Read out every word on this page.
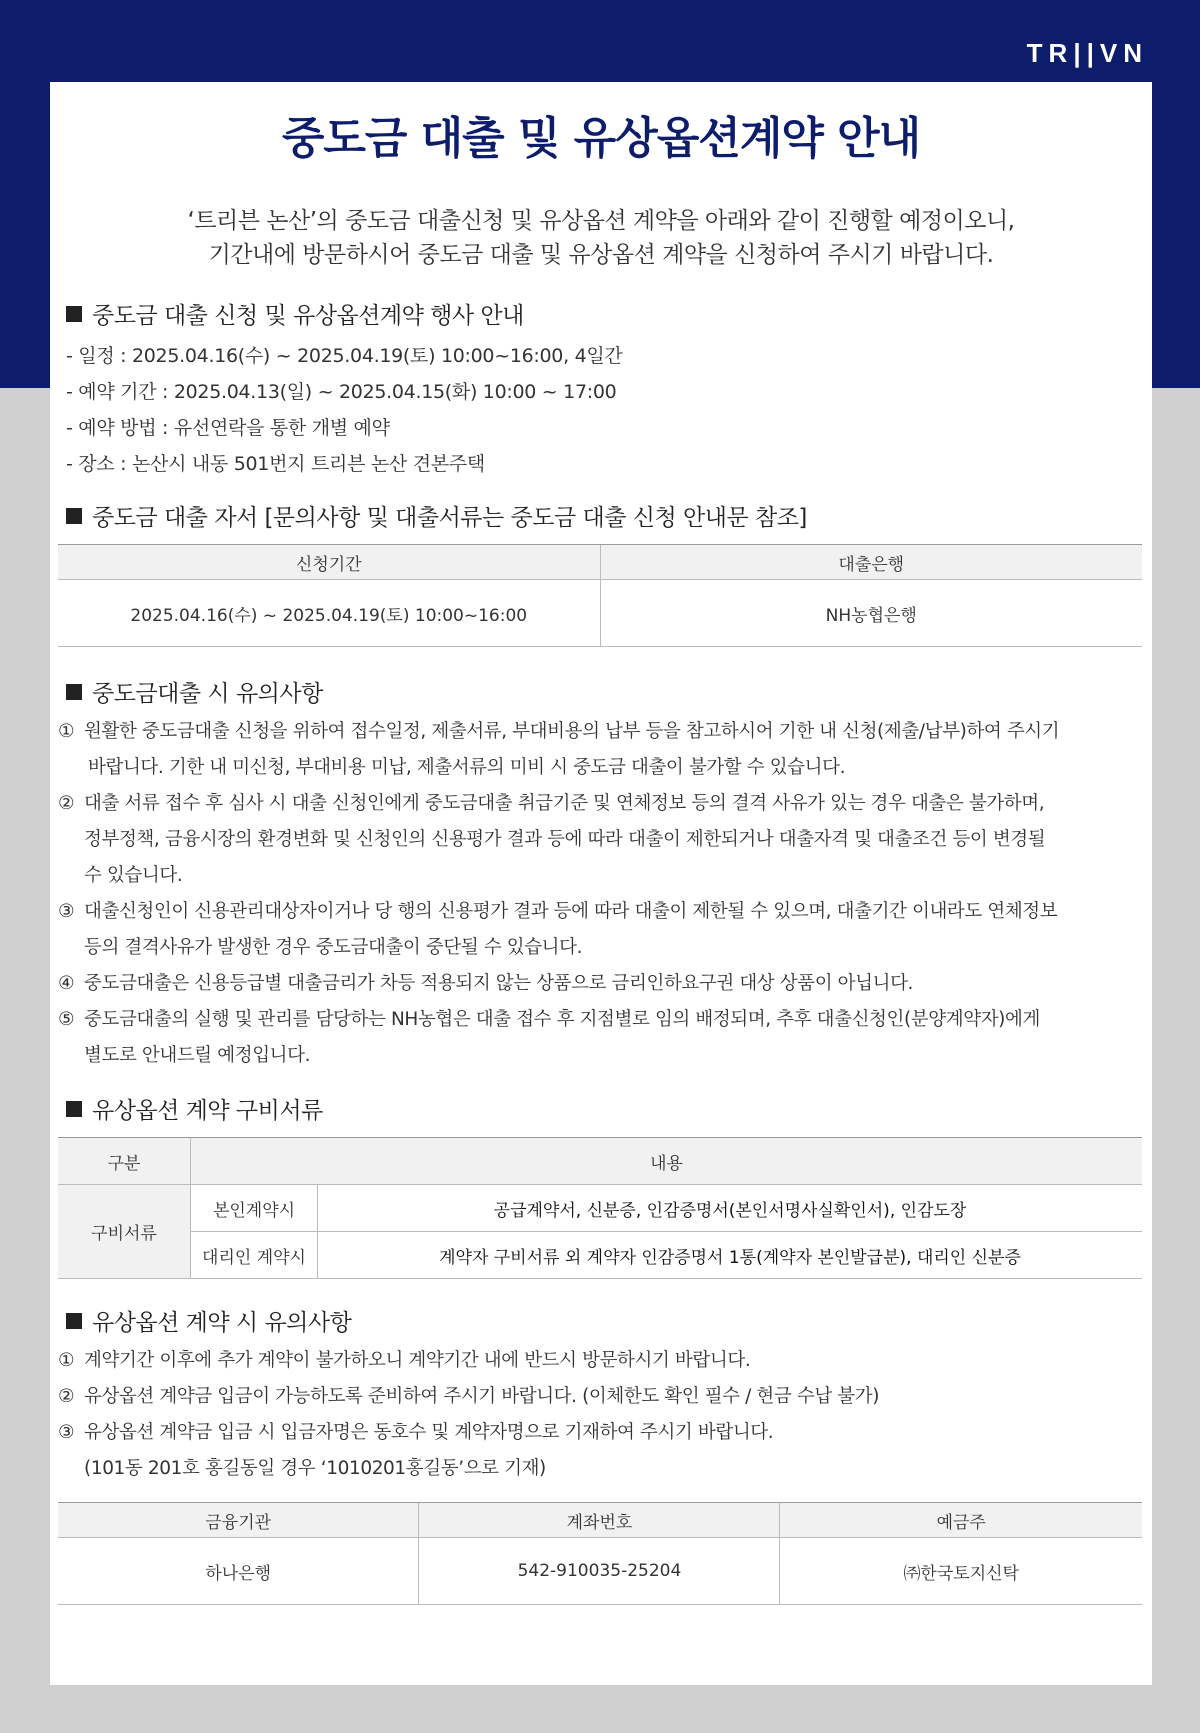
TR||VN
중도금 대출 및 유상옵션계약 안내
‘트리븐 논산’의 중도금 대출신청 및 유상옵션 계약을 아래와 같이 진행할 예정이오니,
기간내에 방문하시어 중도금 대출 및 유상옵션 계약을 신청하여 주시기 바랍니다.
중도금 대출 신청 및 유상옵션계약 행사 안내
- 일정 : 2025.04.16(수) ~ 2025.04.19(토) 10:00~16:00, 4일간
- 예약 기간 : 2025.04.13(일) ~ 2025.04.15(화) 10:00 ~ 17:00
- 예약 방법 : 유선연락을 통한 개별 예약
- 장소 : 논산시 내동 501번지 트리븐 논산 견본주택
중도금 대출 자서 [문의사항 및 대출서류는 중도금 대출 신청 안내문 참조]
신청기간	대출은행
2025.04.16(수) ~ 2025.04.19(토) 10:00~16:00	NH농협은행
중도금대출 시 유의사항
① 원활한 중도금대출 신청을 위하여 접수일정, 제출서류, 부대비용의 납부 등을 참고하시어 기한 내 신청(제출/납부)하여 주시기
바랍니다. 기한 내 미신청, 부대비용 미납, 제출서류의 미비 시 중도금 대출이 불가할 수 있습니다.
② 대출 서류 접수 후 심사 시 대출 신청인에게 중도금대출 취급기준 및 연체정보 등의 결격 사유가 있는 경우 대출은 불가하며,
정부정책, 금융시장의 환경변화 및 신청인의 신용평가 결과 등에 따라 대출이 제한되거나 대출자격 및 대출조건 등이 변경될
수 있습니다.
③ 대출신청인이 신용관리대상자이거나 당 행의 신용평가 결과 등에 따라 대출이 제한될 수 있으며, 대출기간 이내라도 연체정보
등의 결격사유가 발생한 경우 중도금대출이 중단될 수 있습니다.
④ 중도금대출은 신용등급별 대출금리가 차등 적용되지 않는 상품으로 금리인하요구권 대상 상품이 아닙니다.
⑤ 중도금대출의 실행 및 관리를 담당하는 NH농협은 대출 접수 후 지점별로 임의 배정되며, 추후 대출신청인(분양계약자)에게
별도로 안내드릴 예정입니다.
유상옵션 계약 구비서류
구분	내용	
구비서류	본인계약시	공급계약서, 신분증, 인감증명서(본인서명사실확인서), 인감도장
	대리인 계약시	계약자 구비서류 외 계약자 인감증명서 1통(계약자 본인발급분), 대리인 신분증
유상옵션 계약 시 유의사항
① 계약기간 이후에 추가 계약이 불가하오니 계약기간 내에 반드시 방문하시기 바랍니다.
② 유상옵션 계약금 입금이 가능하도록 준비하여 주시기 바랍니다. (이체한도 확인 필수 / 현금 수납 불가)
③ 유상옵션 계약금 입금 시 입금자명은 동호수 및 계약자명으로 기재하여 주시기 바랍니다.
(101동 201호 홍길동일 경우 ‘1010201홍길동’으로 기재)
금융기관	계좌번호	예금주
하나은행	542-910035-25204	㈜한국토지신탁
